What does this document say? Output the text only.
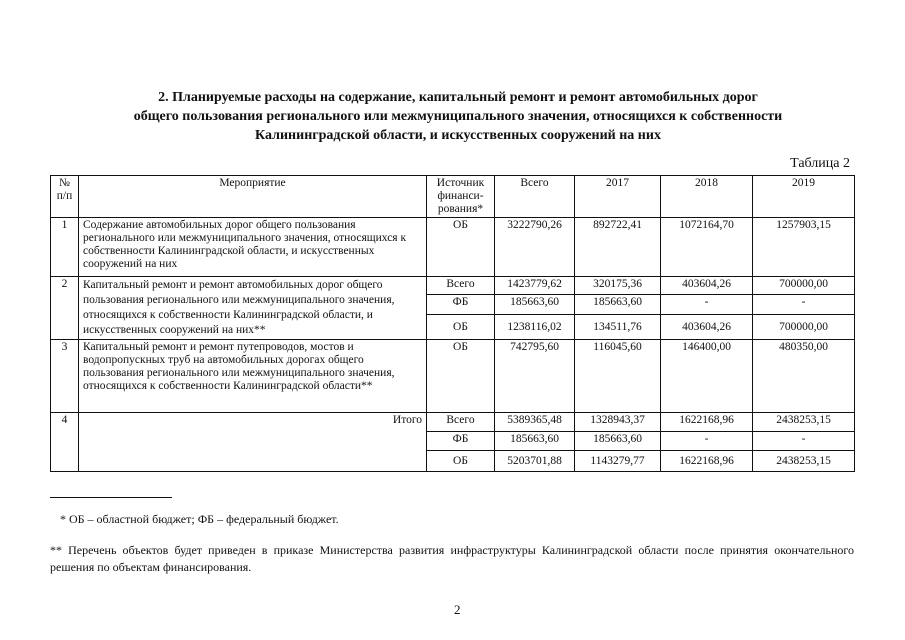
2. Планируемые расходы на содержание, капитальный ремонт и ремонт автомобильных дорог
общего пользования регионального или межмуниципального значения, относящихся к собственности
Калининградской области, и искусственных сооружений на них
Таблица 2
№ п/п	Мероприятие	Источник финанси-рования*	Всего	2017	2018	2019
1	Содержание автомобильных дорог общего пользования регионального или межмуниципального значения, относящихся к собственности Калининградской области, и искусственных сооружений на них	ОБ	3222790,26	892722,41	1072164,70	1257903,15
2	Капитальный ремонт и ремонт автомобильных дорог общего пользования регионального или межмуниципального значения, относящихся к собственности Калининградской области, и искусственных сооружений на них**	Всего	1423779,62	320175,36	403604,26	700000,00
		ФБ	185663,60	185663,60	-	-
		ОБ	1238116,02	134511,76	403604,26	700000,00
3	Капитальный ремонт и ремонт путепроводов, мостов и водопропускных труб на автомобильных дорогах общего пользования регионального или межмуниципального значения, относящихся к собственности Калининградской области**	ОБ	742795,60	116045,60	146400,00	480350,00
4	Итого	Всего	5389365,48	1328943,37	1622168,96	2438253,15
		ФБ	185663,60	185663,60	-	-
		ОБ	5203701,88	1143279,77	1622168,96	2438253,15
* ОБ – областной бюджет; ФБ – федеральный бюджет.
** Перечень объектов будет приведен в приказе Министерства развития инфраструктуры Калининградской области после принятия окончательного решения по объектам финансирования.
2
